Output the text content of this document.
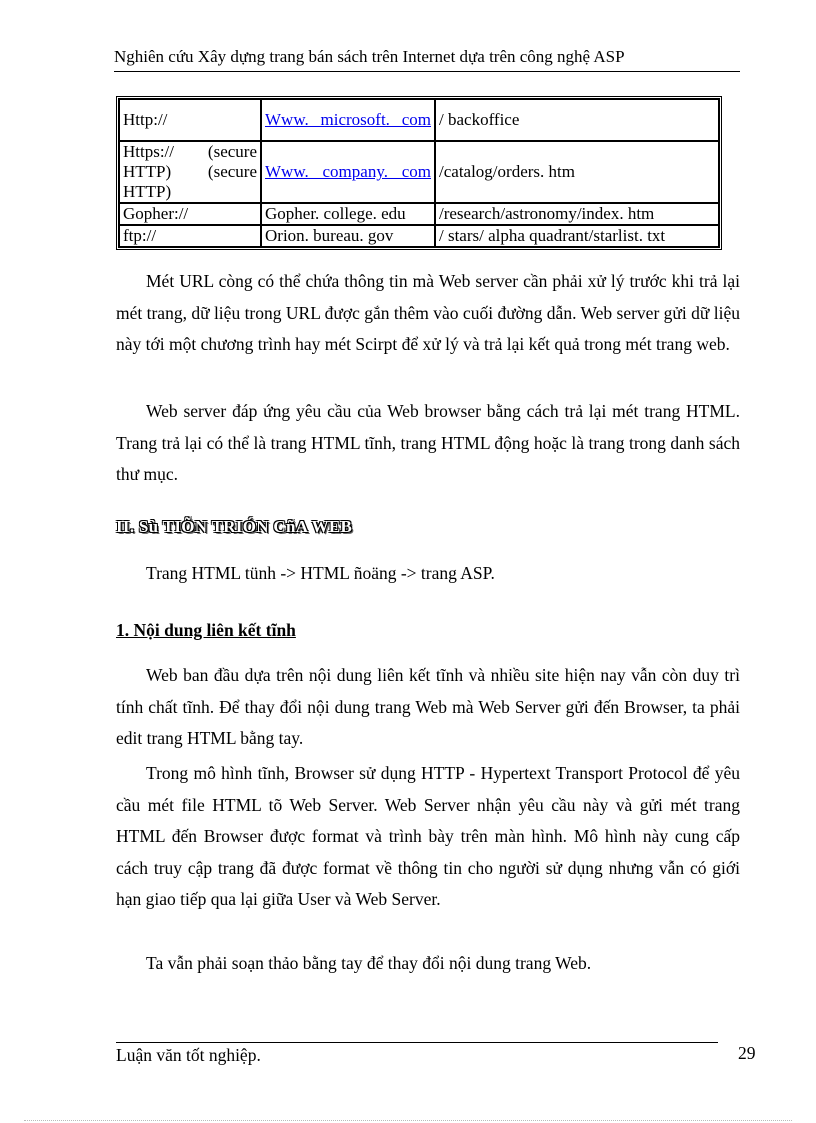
Nghiên cứu Xây dựng trang bán sách trên Internet dựa trên công nghệ ASP
Http://	Www. microsoft. com	/ backoffice

Https:// (secure HTTP) (secure HTTP)	Www. company. com	/catalog/orders. htm
Gopher://	Gopher. college. edu	/research/astronomy/index. htm
ftp://	Orion. bureau. gov	/ stars/ alpha quadrant/starlist. txt
Mét URL còng có thể chứa thông tin mà Web server cần phải xử lý trước khi trả lại mét trang, dữ liệu trong URL được gắn thêm vào cuối đường dẫn. Web server gửi dữ liệu này tới một chương trình hay mét Scirpt để xử lý và trả lại kết quả trong mét trang web.
Web server đáp ứng yêu cầu của Web browser bằng cách trả lại mét trang HTML. Trang trả lại có thể là trang HTML tĩnh, trang HTML động hoặc là trang trong danh sách thư mục.
II. Sù TIÕN TRIÓN CñA WEB
Trang HTML tünh -> HTML ñoäng -> trang ASP.
1. Nội dung liên kết tĩnh
Web ban đầu dựa trên nội dung liên kết tĩnh và nhiều site hiện nay vẫn còn duy trì tính chất tĩnh. Để thay đổi nội dung trang Web mà Web Server gửi đến Browser, ta phải edit trang HTML bằng tay.
Trong mô hình tĩnh, Browser sử dụng HTTP - Hypertext Transport Protocol để yêu cầu mét file HTML tõ Web Server. Web Server nhận yêu cầu này và gửi mét trang HTML đến Browser được format và trình bày trên màn hình. Mô hình này cung cấp cách truy cập trang đã được format về thông tin cho người sử dụng nhưng vẫn có giới hạn giao tiếp qua lại giữa User và Web Server.
Ta vẫn phải soạn thảo bằng tay để thay đổi nội dung trang Web.
Luận văn tốt nghiệp.	29
